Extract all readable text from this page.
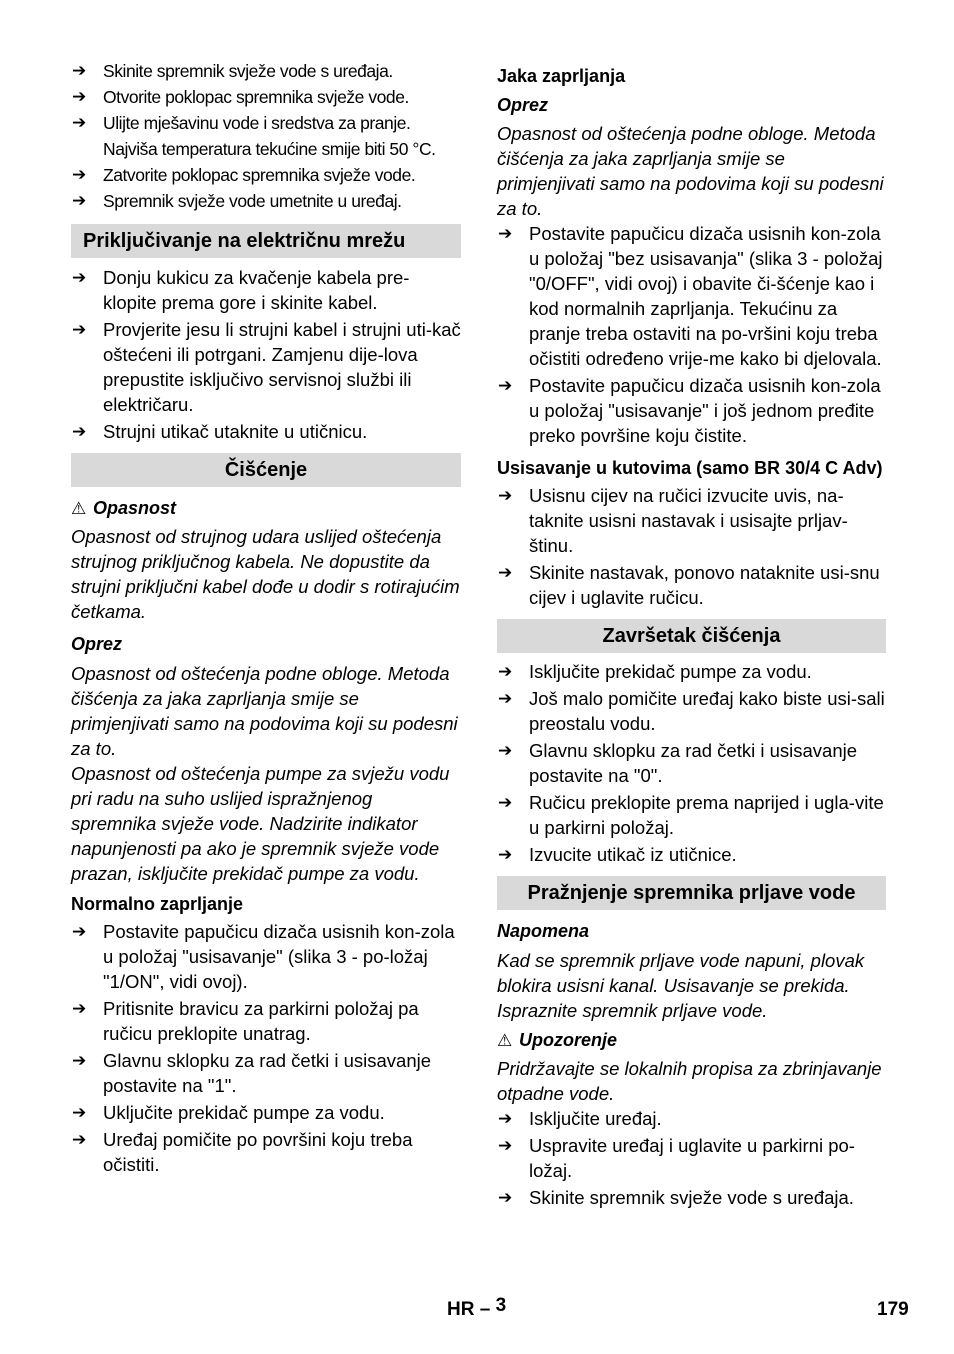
➔ Skinite spremnik svježe vode s uređaja.
➔ Otvorite poklopac spremnika svježe vode.
➔ Ulijte mješavinu vode i sredstva za pranje. Najviša temperatura tekućine smije biti 50 °C.
➔ Zatvorite poklopac spremnika svježe vode.
➔ Spremnik svježe vode umetnite u uređaj.
Priključivanje na električnu mrežu
➔ Donju kukicu za kvačenje kabela pre-klopite prema gore i skinite kabel.
➔ Provjerite jesu li strujni kabel i strujni uti-kač oštećeni ili potrgani. Zamjenu dije-lova prepustite isključivo servisnoj službi ili električaru.
➔ Strujni utikač utaknite u utičnicu.
Čišćenje
⚠ Opasnost
Opasnost od strujnog udara uslijed oštećenja strujnog priključnog kabela. Ne dopustite da strujni priključni kabel dođe u dodir s rotirajućim četkama.
Oprez
Opasnost od oštećenja podne obloge. Metoda čišćenja za jaka zaprljanja smije se primjenjivati samo na podovima koji su podesni za to.
Opasnost od oštećenja pumpe za svježu vodu pri radu na suho uslijed ispražnjenog spremnika svježe vode. Nadzirite indikator napunjenosti pa ako je spremnik svježe vode prazan, isključite prekidač pumpe za vodu.
Normalno zaprljanje
➔ Postavite papučicu dizača usisnih kon-zola u položaj "usisavanje" (slika 3 - po-ložaj "1/ON", vidi ovoj).
➔ Pritisnite bravicu za parkirni položaj pa ručicu preklopite unatrag.
➔ Glavnu sklopku za rad četki i usisavanje postavite na "1".
➔ Uključite prekidač pumpe za vodu.
➔ Uređaj pomičite po površini koju treba očistiti.
Jaka zaprljanja
Oprez
Opasnost od oštećenja podne obloge. Metoda čišćenja za jaka zaprljanja smije se primjenjivati samo na podovima koji su podesni za to.
➔ Postavite papučicu dizača usisnih kon-zola u položaj "bez usisavanja" (slika 3 - položaj "0/OFF", vidi ovoj) i obavite či-šćenje kao i kod normalnih zaprljanja. Tekućinu za pranje treba ostaviti na po-vršini koju treba očistiti određeno vrije-me kako bi djelovala.
➔ Postavite papučicu dizača usisnih kon-zola u položaj "usisavanje" i još jednom pređite preko površine koju čistite.
Usisavanje u kutovima (samo BR 30/4 C Adv)
➔ Usisnu cijev na ručici izvucite uvis, na-taknite usisni nastavak i usisajte prljav-štinu.
➔ Skinite nastavak, ponovo nataknite usi-snu cijev i uglavite ručicu.
Završetak čišćenja
➔ Isključite prekidač pumpe za vodu.
➔ Još malo pomičite uređaj kako biste usi-sali preostalu vodu.
➔ Glavnu sklopku za rad četki i usisavanje postavite na "0".
➔ Ručicu preklopite prema naprijed i ugla-vite u parkirni položaj.
➔ Izvucite utikač iz utičnice.
Pražnjenje spremnika prljave vode
Napomena
Kad se spremnik prljave vode napuni, plovak blokira usisni kanal. Usisavanje se prekida. Ispraznite spremnik prljave vode.
⚠ Upozorenje
Pridržavajte se lokalnih propisa za zbrinjavanje otpadne vode.
➔ Isključite uređaj.
➔ Uspravite uređaj i uglavite u parkirni po-ložaj.
➔ Skinite spremnik svježe vode s uređaja.
HR – 3	179
